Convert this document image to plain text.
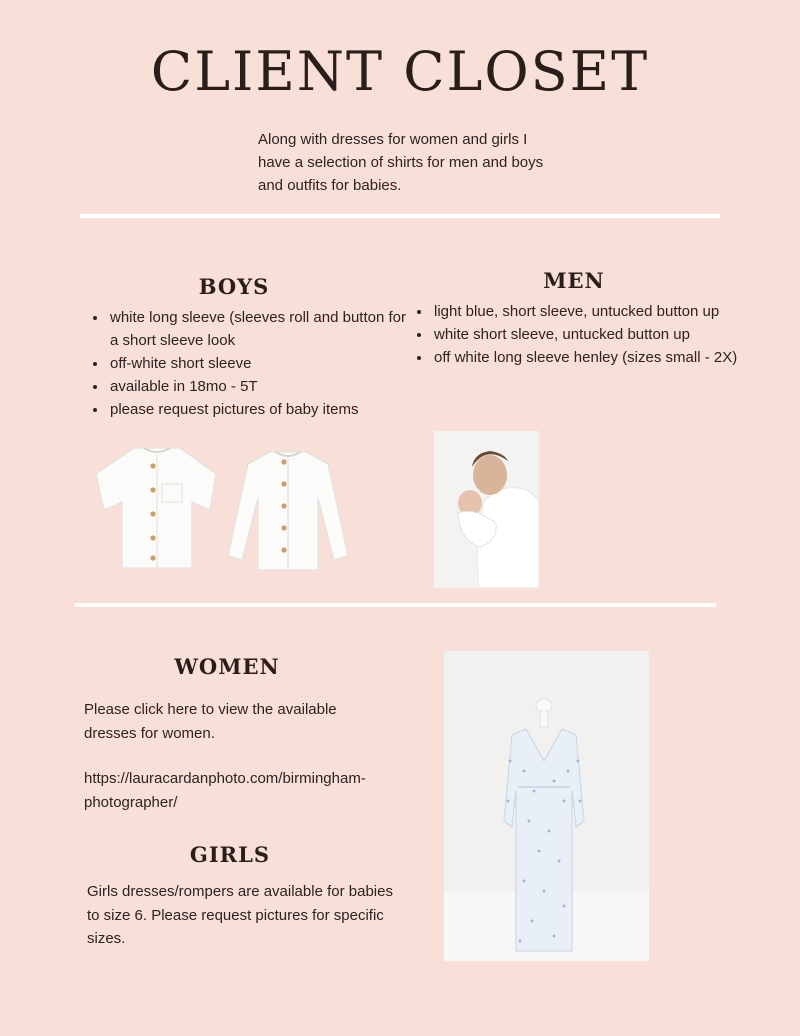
CLIENT CLOSET

Along with dresses for women and girls I have a selection of shirts for men and boys and outfits for babies.

BOYS
• white long sleeve (sleeves roll and button for a short sleeve look
• off-white short sleeve
• available in 18mo - 5T
• please request pictures of baby items
MEN
• light blue, short sleeve, untucked button up
• white short sleeve, untucked button up
• off white long sleeve henley (sizes small - 2X)
WOMEN

Please click here to view the available dresses for women.

https://lauracardanphoto.com/birmingham-photographer/

GIRLS

Girls dresses/rompers are available for babies to size 6. Please request pictures for specific sizes.
